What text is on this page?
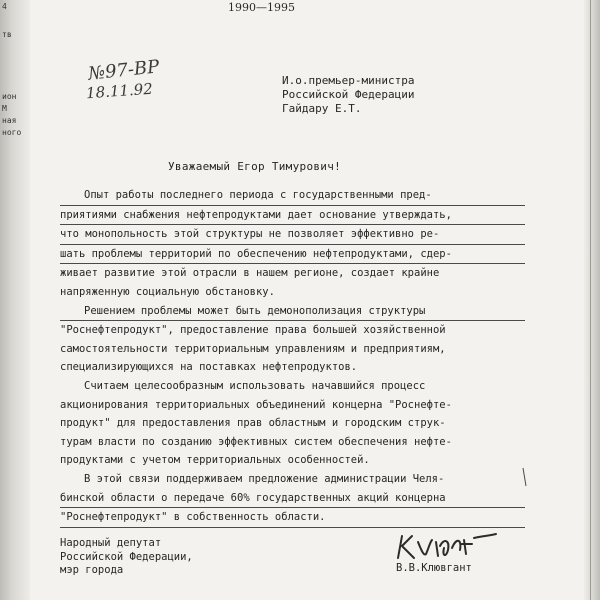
4
тв
ион
М
ная
ного
1990—1995
№97-ВР
18.11.92	И.о.премьер-министра
Российской Федерации
Гайдару Е.Т.
Уважаемый Егор Тимурович!

Опыт работы последнего периода с государственными пред-
приятиями снабжения нефтепродуктами дает основание утверждать,
что монопольность этой структуры не позволяет эффективно ре-
шать проблемы территорий по обеспечению нефтепродуктами, сдер-
живает развитие этой отрасли в нашем регионе, создает крайне
напряженную социальную обстановку.

Решением проблемы может быть демонополизация структуры
"Роснефтепродукт", предоставление права большей хозяйственной
самостоятельности территориальным управлениям и предприятиям,
специализирующихся на поставках нефтепродуктов.

Считаем целесообразным использовать начавшийся процесс
акционирования территориальных объединений концерна "Роснефте-
продукт" для предоставления прав областным и городским струк-
турам власти по созданию эффективных систем обеспечения нефте-
продуктами с учетом территориальных особенностей.

В этой связи поддерживаем предложение администрации Челя-
бинской области о передаче 60% государственных акций концерна
"Роснефтепродукт" в собственность области.

Народный депутат
Российской Федерации,
мэр города	В.В.Клювгант
